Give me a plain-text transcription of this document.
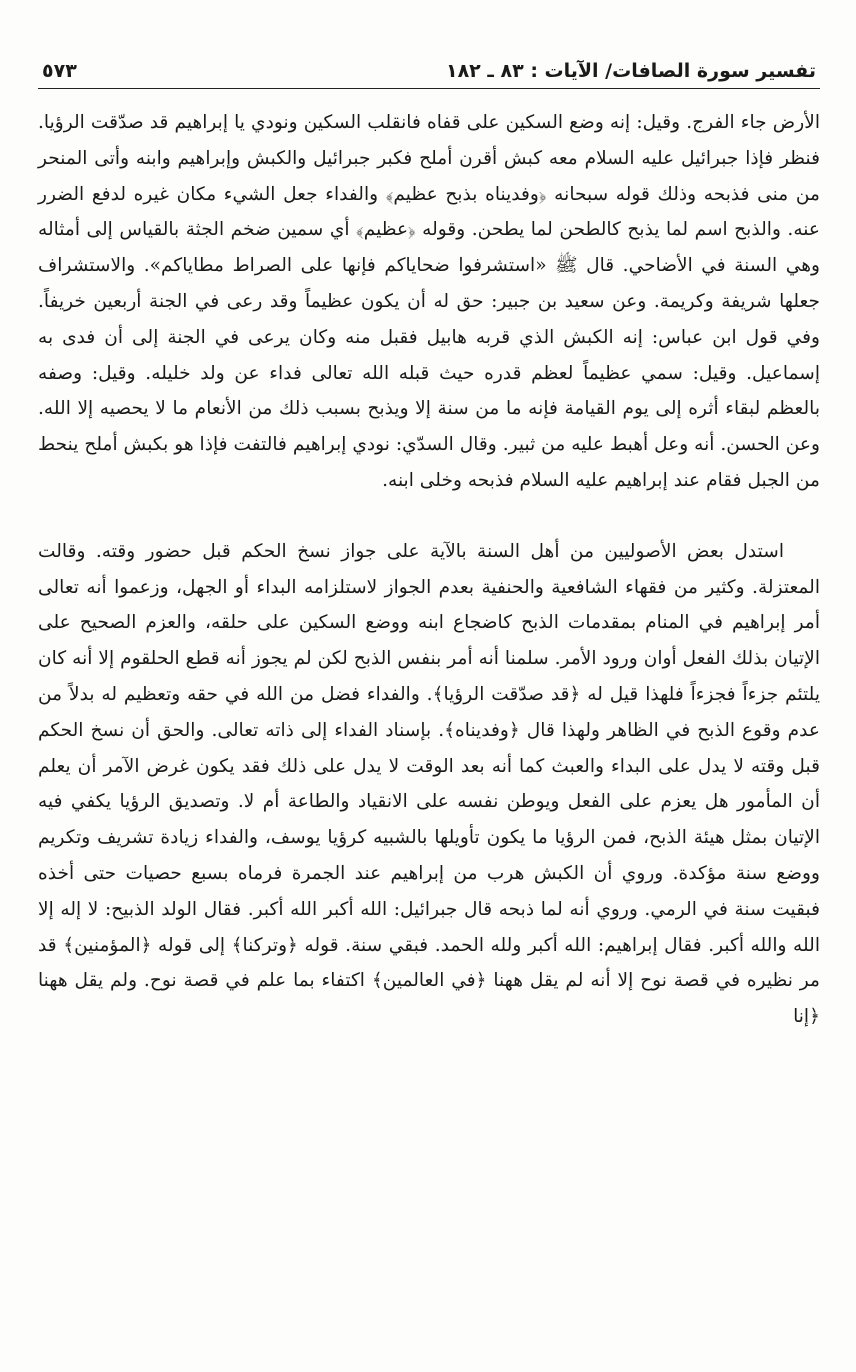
تفسير سورة الصافات/ الآيات : ٨٣ ـ ١٨٢
٥٧٣

الأرض جاء الفرج. وقيل: إنه وضع السكين على قفاه فانقلب السكين ونودي يا إبراهيم قد صدّقت الرؤيا. فنظر فإذا جبرائيل عليه السلام معه كبش أقرن أملح فكبر جبرائيل والكبش وإبراهيم وابنه وأتى المنحر من منى فذبحه وذلك قوله سبحانه ﴿وفديناه بذبح عظيم﴾ والفداء جعل الشيء مكان غيره لدفع الضرر عنه. والذبح اسم لما يذبح كالطحن لما يطحن. وقوله ﴿عظيم﴾ أي سمين ضخم الجثة بالقياس إلى أمثاله وهي السنة في الأضاحي. قال ﷺ «استشرفوا ضحاياكم فإنها على الصراط مطاياكم». والاستشراف جعلها شريفة وكريمة. وعن سعيد بن جبير: حق له أن يكون عظيماً وقد رعى في الجنة أربعين خريفاً. وفي قول ابن عباس: إنه الكبش الذي قربه هابيل فقبل منه وكان يرعى في الجنة إلى أن فدى به إسماعيل. وقيل: سمي عظيماً لعظم قدره حيث قبله الله تعالى فداء عن ولد خليله. وقيل: وصفه بالعظم لبقاء أثره إلى يوم القيامة فإنه ما من سنة إلا ويذبح بسبب ذلك من الأنعام ما لا يحصيه إلا الله. وعن الحسن. أنه وعل أهبط عليه من ثبير. وقال السدّي: نودي إبراهيم فالتفت فإذا هو بكبش أملح ينحط من الجبل فقام عند إبراهيم عليه السلام فذبحه وخلى ابنه.

استدل بعض الأصوليين من أهل السنة بالآية على جواز نسخ الحكم قبل حضور وقته. وقالت المعتزلة. وكثير من فقهاء الشافعية والحنفية بعدم الجواز لاستلزامه البداء أو الجهل، وزعموا أنه تعالى أمر إبراهيم في المنام بمقدمات الذبح كاضجاع ابنه ووضع السكين على حلقه، والعزم الصحيح على الإتيان بذلك الفعل أوان ورود الأمر. سلمنا أنه أمر بنفس الذبح لكن لم يجوز أنه قطع الحلقوم إلا أنه كان يلتئم جزءاً فجزءاً فلهذا قيل له ﴿قد صدّقت الرؤيا﴾. والفداء فضل من الله في حقه وتعظيم له بدلاً من عدم وقوع الذبح في الظاهر ولهذا قال ﴿وفديناه﴾. بإسناد الفداء إلى ذاته تعالى. والحق أن نسخ الحكم قبل وقته لا يدل على البداء والعبث كما أنه بعد الوقت لا يدل على ذلك فقد يكون غرض الآمر أن يعلم أن المأمور هل يعزم على الفعل ويوطن نفسه على الانقياد والطاعة أم لا. وتصديق الرؤيا يكفي فيه الإتيان بمثل هيئة الذبح، فمن الرؤيا ما يكون تأويلها بالشبيه كرؤيا يوسف، والفداء زيادة تشريف وتكريم ووضع سنة مؤكدة. وروي أن الكبش هرب من إبراهيم عند الجمرة فرماه بسبع حصيات حتى أخذه فبقيت سنة في الرمي. وروي أنه لما ذبحه قال جبرائيل: الله أكبر الله أكبر. فقال الولد الذبيح: لا إله إلا الله والله أكبر. فقال إبراهيم: الله أكبر ولله الحمد. فبقي سنة. قوله ﴿وتركنا﴾ إلى قوله ﴿المؤمنين﴾ قد مر نظيره في قصة نوح إلا أنه لم يقل ههنا ﴿في العالمين﴾ اكتفاء بما علم في قصة نوح. ولم يقل ههنا ﴿إنا
